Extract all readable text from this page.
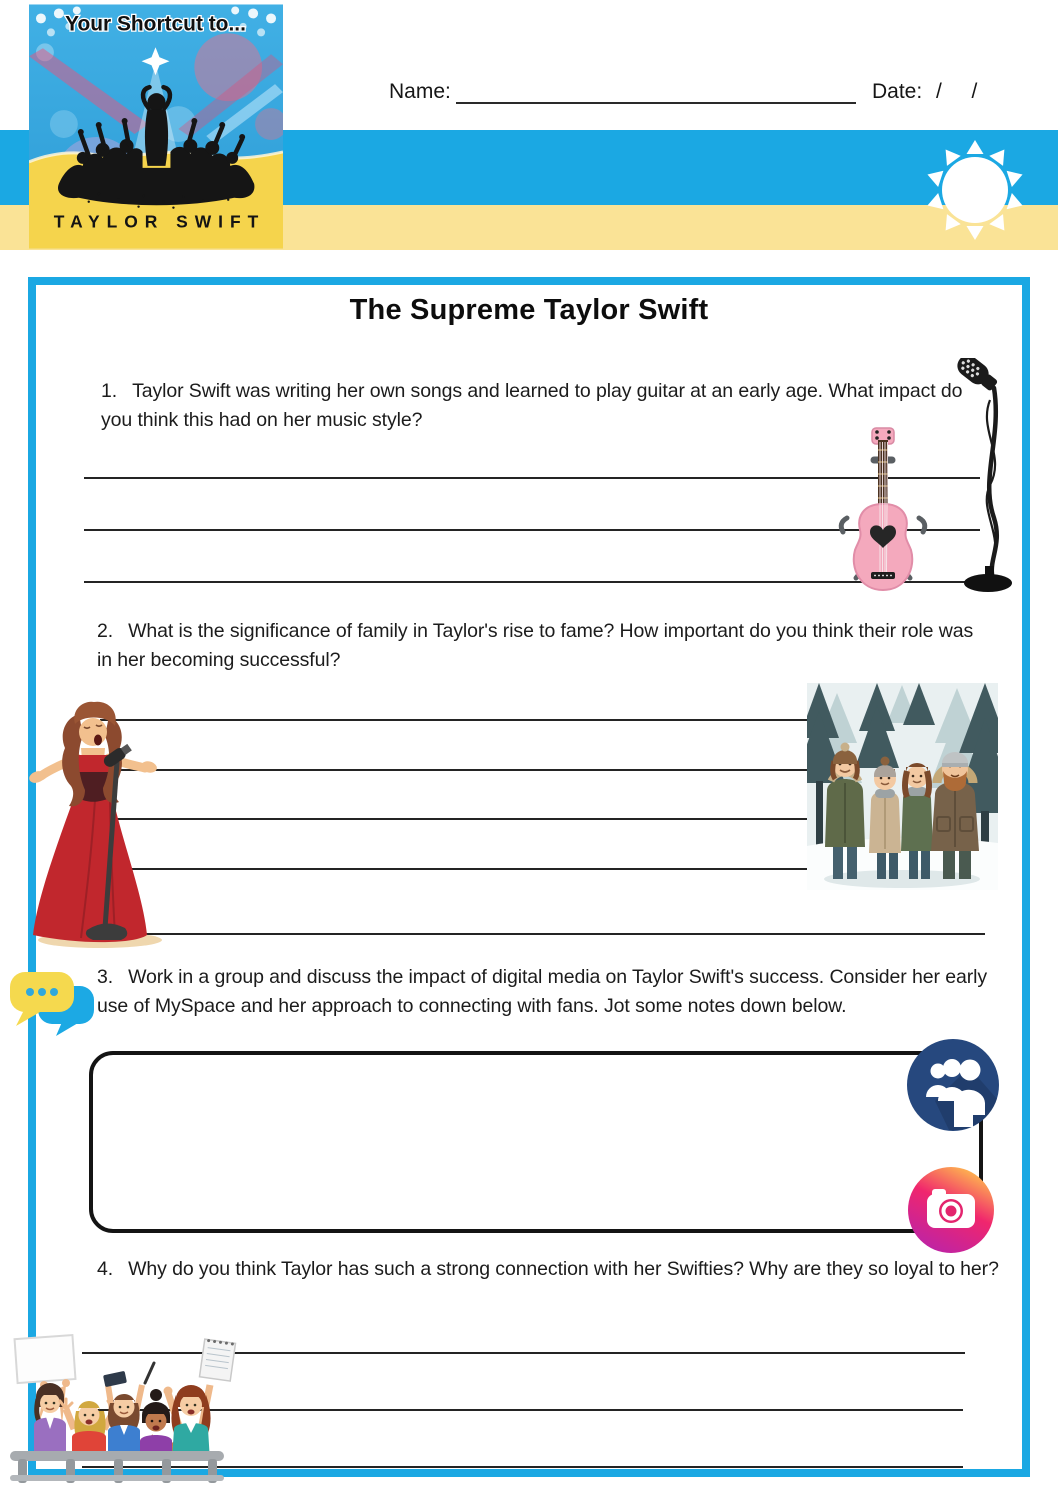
Your Shortcut to...
TAYLOR SWIFT
Name:	Date: /  /
The Supreme Taylor Swift

1. Taylor Swift was writing her own songs and learned to play guitar at an early age. What impact do you think this had on her music style?

2. What is the significance of family in Taylor's rise to fame? How important do you think their role was in her becoming successful?

3. Work in a group and discuss the impact of digital media on Taylor Swift's success. Consider her early use of MySpace and her approach to connecting with fans. Jot some notes down below.

4. Why do you think Taylor has such a strong connection with her Swifties? Why are they so loyal to her?
